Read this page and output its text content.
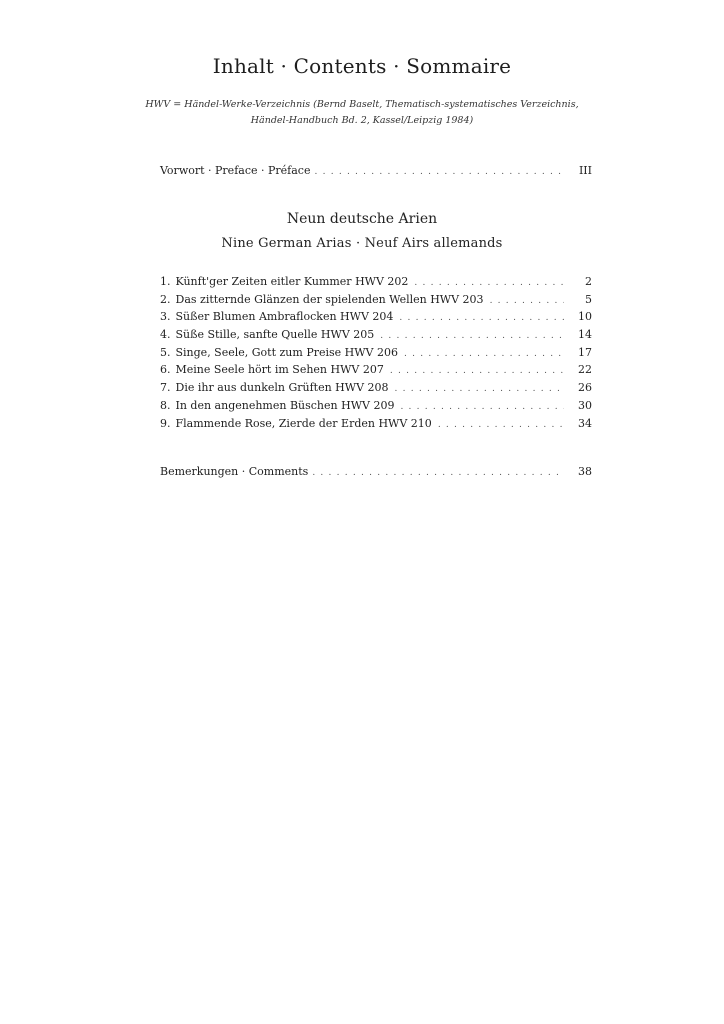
Inhalt · Contents · Sommaire
HWV = Händel-Werke-Verzeichnis (Bernd Baselt, Thematisch-systematisches Verzeichnis,
Händel-Handbuch Bd. 2, Kassel/Leipzig 1984)
Vorwort · Preface · Préface . . .	III
Neun deutsche Arien
Nine German Arias · Neuf Airs allemands
1. Künft'ger Zeiten eitler Kummer HWV 202 . . .	2
2. Das zitternde Glänzen der spielenden Wellen HWV 203 . . .	5
3. Süßer Blumen Ambraflocken HWV 204 . . .	10
4. Süße Stille, sanfte Quelle HWV 205 . . .	14
5. Singe, Seele, Gott zum Preise HWV 206 . . .	17
6. Meine Seele hört im Sehen HWV 207 . . .	22
7. Die ihr aus dunkeln Grüften HWV 208 . . .	26
8. In den angenehmen Büschen HWV 209 . . .	30
9. Flammende Rose, Zierde der Erden HWV 210 . . .	34
Bemerkungen · Comments . . .	38
